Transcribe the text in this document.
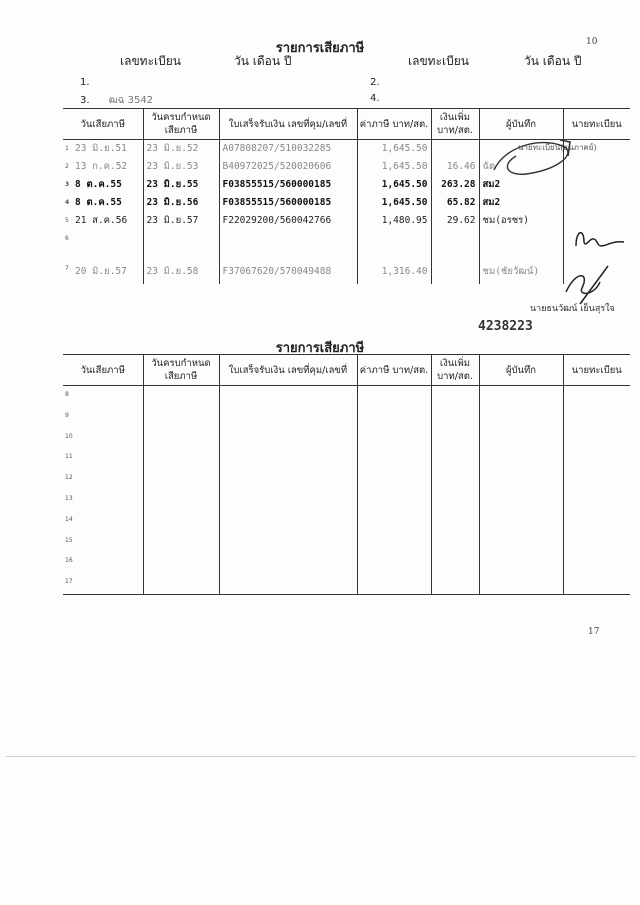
10
รายการเสียภาษี
เลขทะเบียน	วัน เดือน ปี	เลขทะเบียน	วัน เดือน ปี
1.	2.
3. ฒฉ 3542	4.
วันเสียภาษี	วันครบกำหนด เสียภาษี	ใบเสร็จรับเงิน เลขที่คุม/เลขที่	ค่าภาษี บาท/สต.	เงินเพิ่ม บาท/สต.	ผู้บันทึก	นายทะเบียน

1 23 มิ.ย.51	23 มิ.ย.52	A07808207/510032285	1,645.50			

2 13 ก.ค.52	23 มิ.ย.53	B40972025/520020606	1,645.50	16.46	ฉัต	

3 8 ต.ค.55	23 มิ.ย.55	F03855515/560000185	1,645.50	263.28	สม2	

4 8 ต.ค.55	23 มิ.ย.56	F03855515/560000185	1,645.50	65.82	สม2	

5 21 ส.ค.56	23 มิ.ย.57	F22029200/560042766	1,480.95	29.62	ชม(อรชร)	

6						

7 20 มิ.ย.57	23 มิ.ย.58	F37067620/570049488	1,316.40		ชม(ชัยวัฒน์)	
นายทะเบียน(ธนภาคย์)
นายธนวัฒน์ เย็นสุรใจ
4238223
รายการเสียภาษี
วันเสียภาษี	วันครบกำหนด เสียภาษี	ใบเสร็จรับเงิน เลขที่คุม/เลขที่	ค่าภาษี บาท/สต.	เงินเพิ่ม บาท/สต.	ผู้บันทึก	นายทะเบียน

8						

9						

10						

11						

12						

13						

14						

15						

16						

17						

17
